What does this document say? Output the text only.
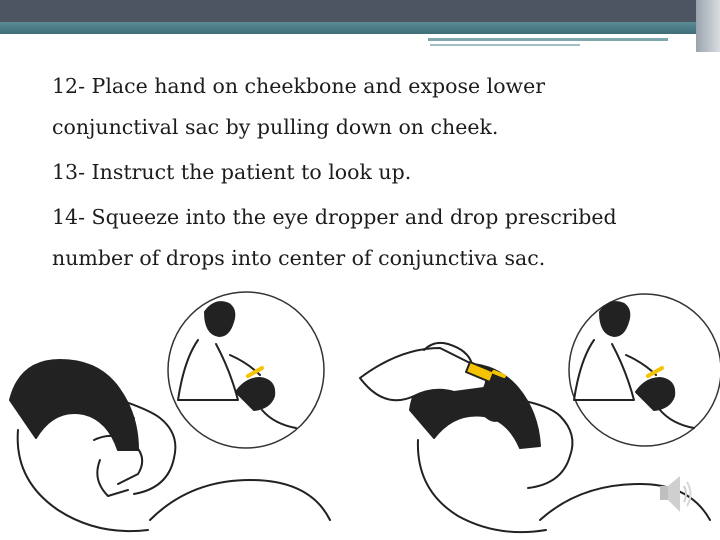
12- Place hand on cheekbone and expose lower
conjunctival sac by pulling down on cheek.

13- Instruct the patient to look up.

14- Squeeze into the eye dropper and drop prescribed
number of drops into center of conjunctiva sac.
